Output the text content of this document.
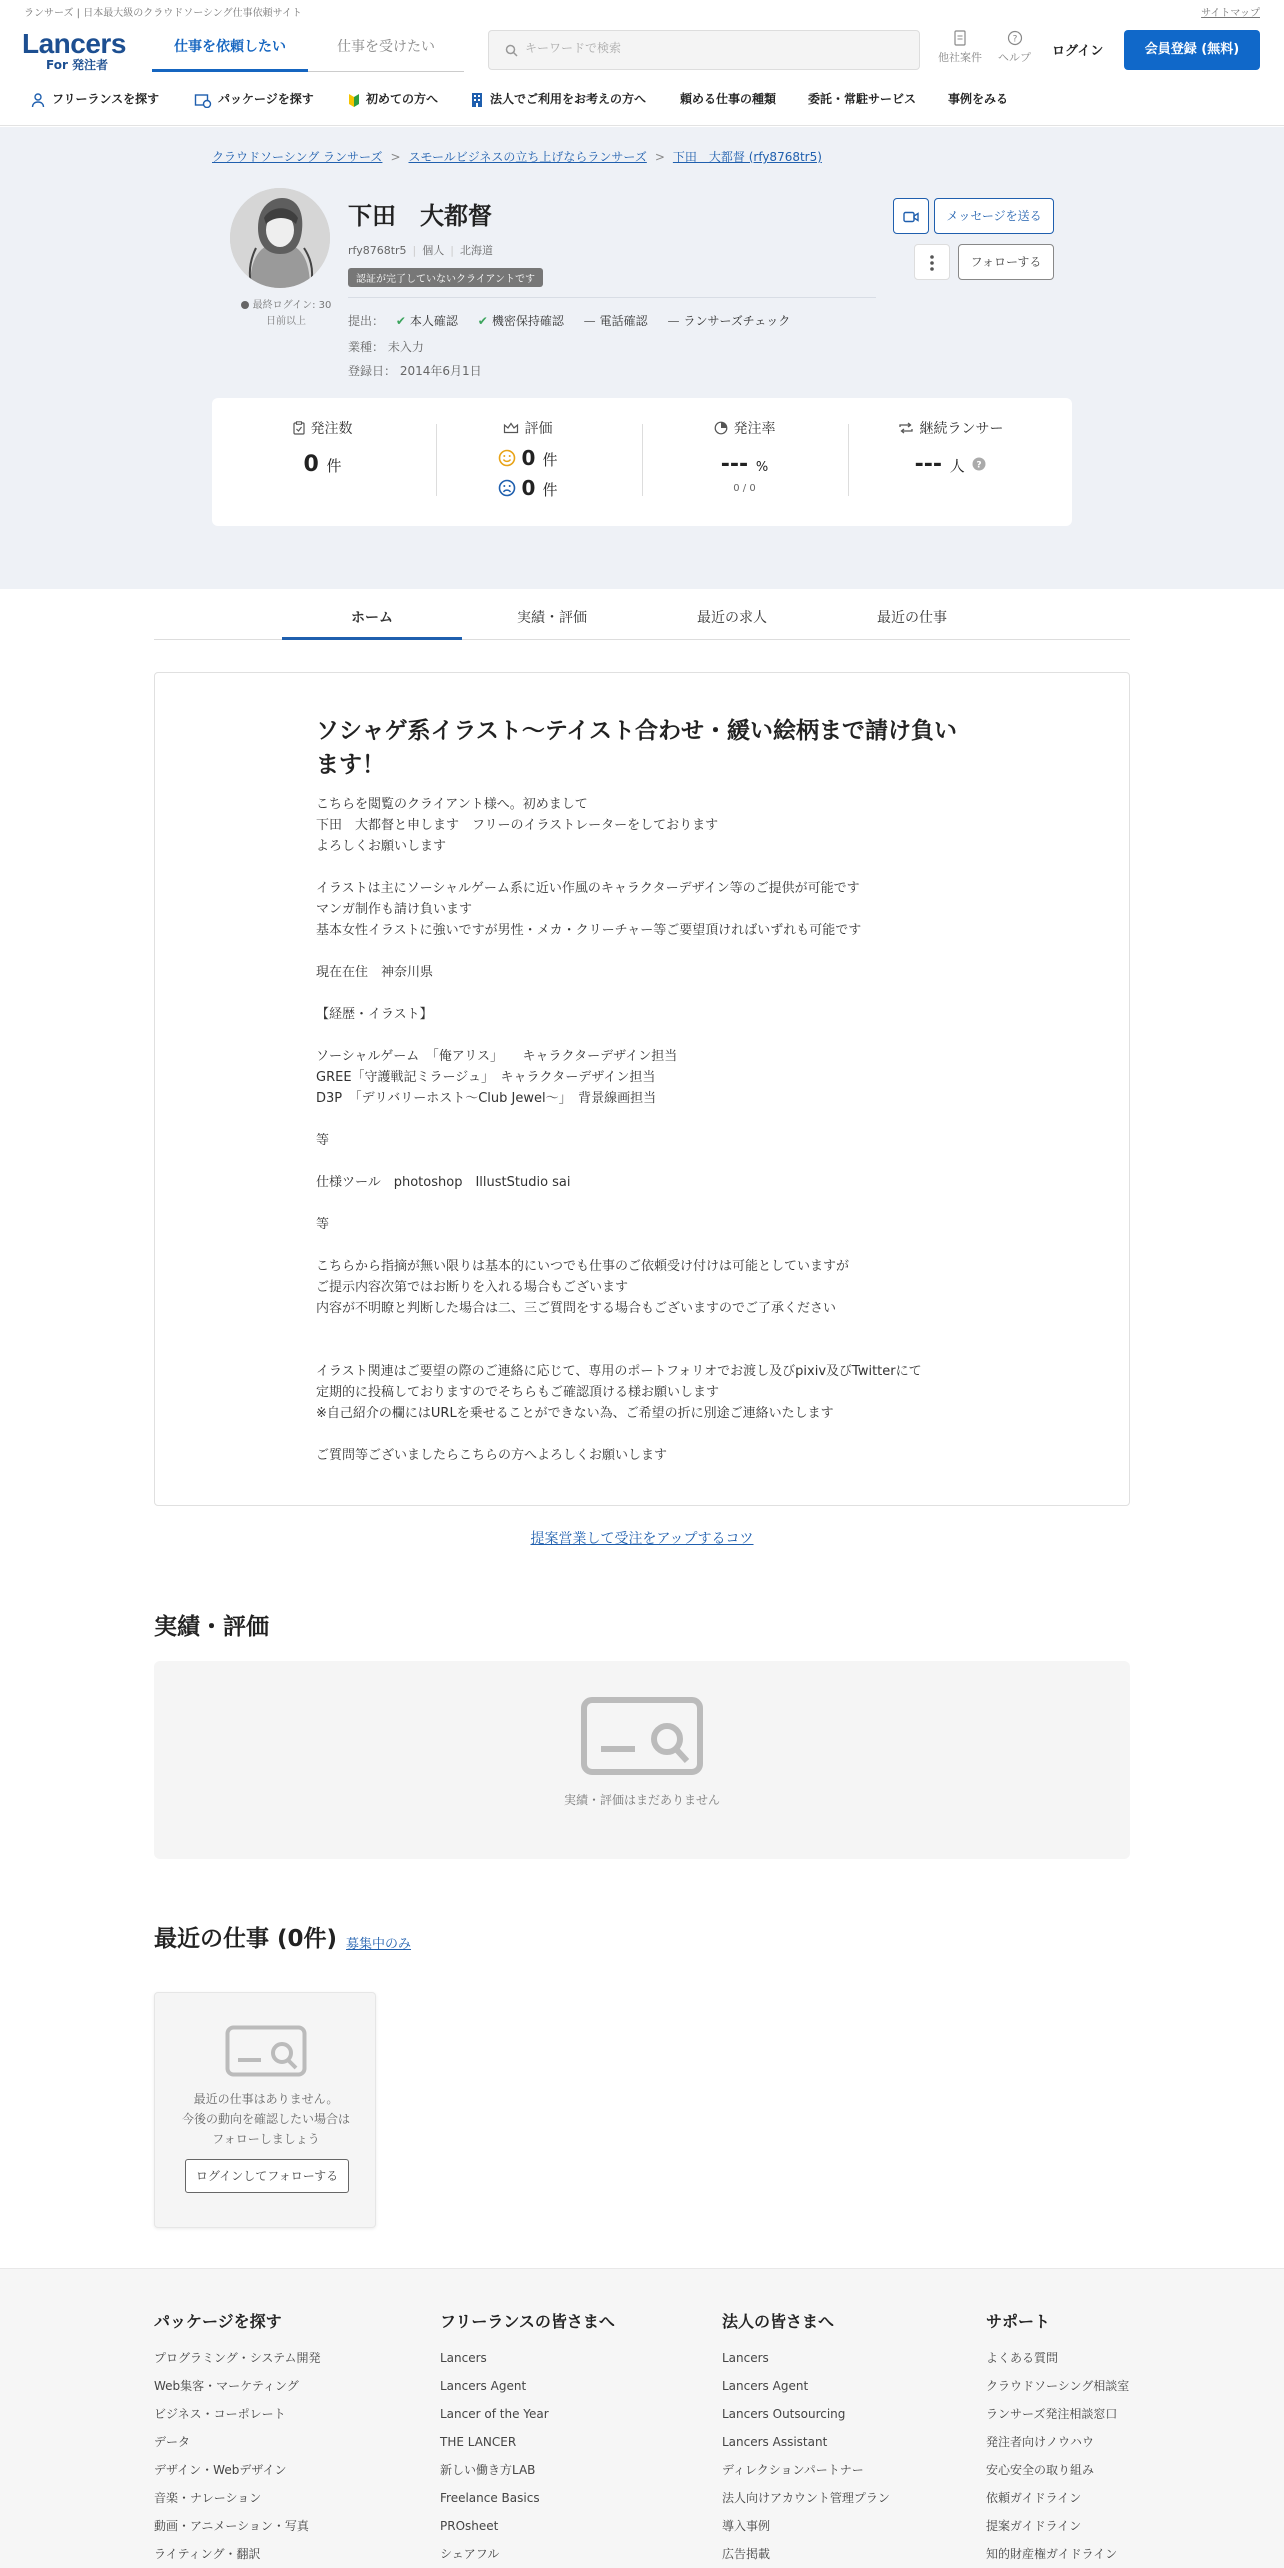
ランサーズ | 日本最大級のクラウドソーシング仕事依頼サイト	サイトマップ
Lancers
For 発注者
仕事を依頼したい	仕事を受けたい
キーワードで検索
他社案件
?
ヘルプ ログイン	会員登録 (無料)
フリーランスを探す	パッケージを探す	初めての方へ	法人でご利用をお考えの方へ	頼める仕事の種類	委託・常駐サービス	事例をみる
クラウドソーシング ランサーズ > スモールビジネスの立ち上げならランサーズ > 下田　大都督 (rfy8768tr5)
最終ログイン: 30
日前以上
下田　大都督
rfy8768tr5 | 個人 | 北海道
認証が完了していないクライアントです
提出： ✔ 本人確認 ✔ 機密保持確認 — 電話確認 — ランサーズチェック
業種： 未入力
登録日： 2014年6月1日
メッセージを送る
フォローする
発注数
0 件
評価
0 件
0 件
発注率
--- %
0 / 0
継続ランサー
--- 人 ?
ホーム	実績・評価	最近の求人	最近の仕事
ソシャゲ系イラスト～テイスト合わせ・緩い絵柄まで請け負います！
こちらを閲覧のクライアント様へ。初めまして
下田　大都督と申します　フリーのイラストレーターをしております
よろしくお願いします

イラストは主にソーシャルゲーム系に近い作風のキャラクターデザイン等のご提供が可能です
マンガ制作も請け負います
基本女性イラストに強いですが男性・メカ・クリーチャー等ご要望頂ければいずれも可能です

現在在住　神奈川県

【経歴・イラスト】

ソーシャルゲーム　「俺アリス」　　キャラクターデザイン担当
GREE「守護戦記ミラージュ」　キャラクターデザイン担当
D3P　「デリバリーホスト〜Club Jewel〜」　背景線画担当

等

仕様ツール　photoshop　IllustStudio sai

等

こちらから指摘が無い限りは基本的にいつでも仕事のご依頼受け付けは可能としていますが
ご提示内容次第ではお断りを入れる場合もございます
内容が不明瞭と判断した場合は二、三ご質問をする場合もございますのでご了承ください

イラスト関連はご要望の際のご連絡に応じて、専用のポートフォリオでお渡し及びpixiv及びTwitterにて
定期的に投稿しておりますのでそちらもご確認頂ける様お願いします
※自己紹介の欄にはURLを乗せることができない為、ご希望の折に別途ご連絡いたします

ご質問等ございましたらこちらの方へよろしくお願いします
提案営業して受注をアップするコツ
実績・評価
実績・評価はまだありません
最近の仕事 (0件) 募集中のみ
最近の仕事はありません。
今後の動向を確認したい場合は
フォローしましょう
ログインしてフォローする
パッケージを探す
プログラミング・システム開発
Web集客・マーケティング
ビジネス・コーポレート
データ
デザイン・Webデザイン
音楽・ナレーション
動画・アニメーション・写真
ライティング・翻訳
フリーランスの皆さまへ
Lancers
Lancers Agent
Lancer of the Year
THE LANCER
新しい働き方LAB
Freelance Basics
PROsheet
シェアフル
法人の皆さまへ
Lancers
Lancers Agent
Lancers Outsourcing
Lancers Assistant
ディレクションパートナー
法人向けアカウント管理プラン
導入事例
広告掲載
サポート
よくある質問
クラウドソーシング相談室
ランサーズ発注相談窓口
発注者向けノウハウ
安心安全の取り組み
依頼ガイドライン
提案ガイドライン
知的財産権ガイドライン
